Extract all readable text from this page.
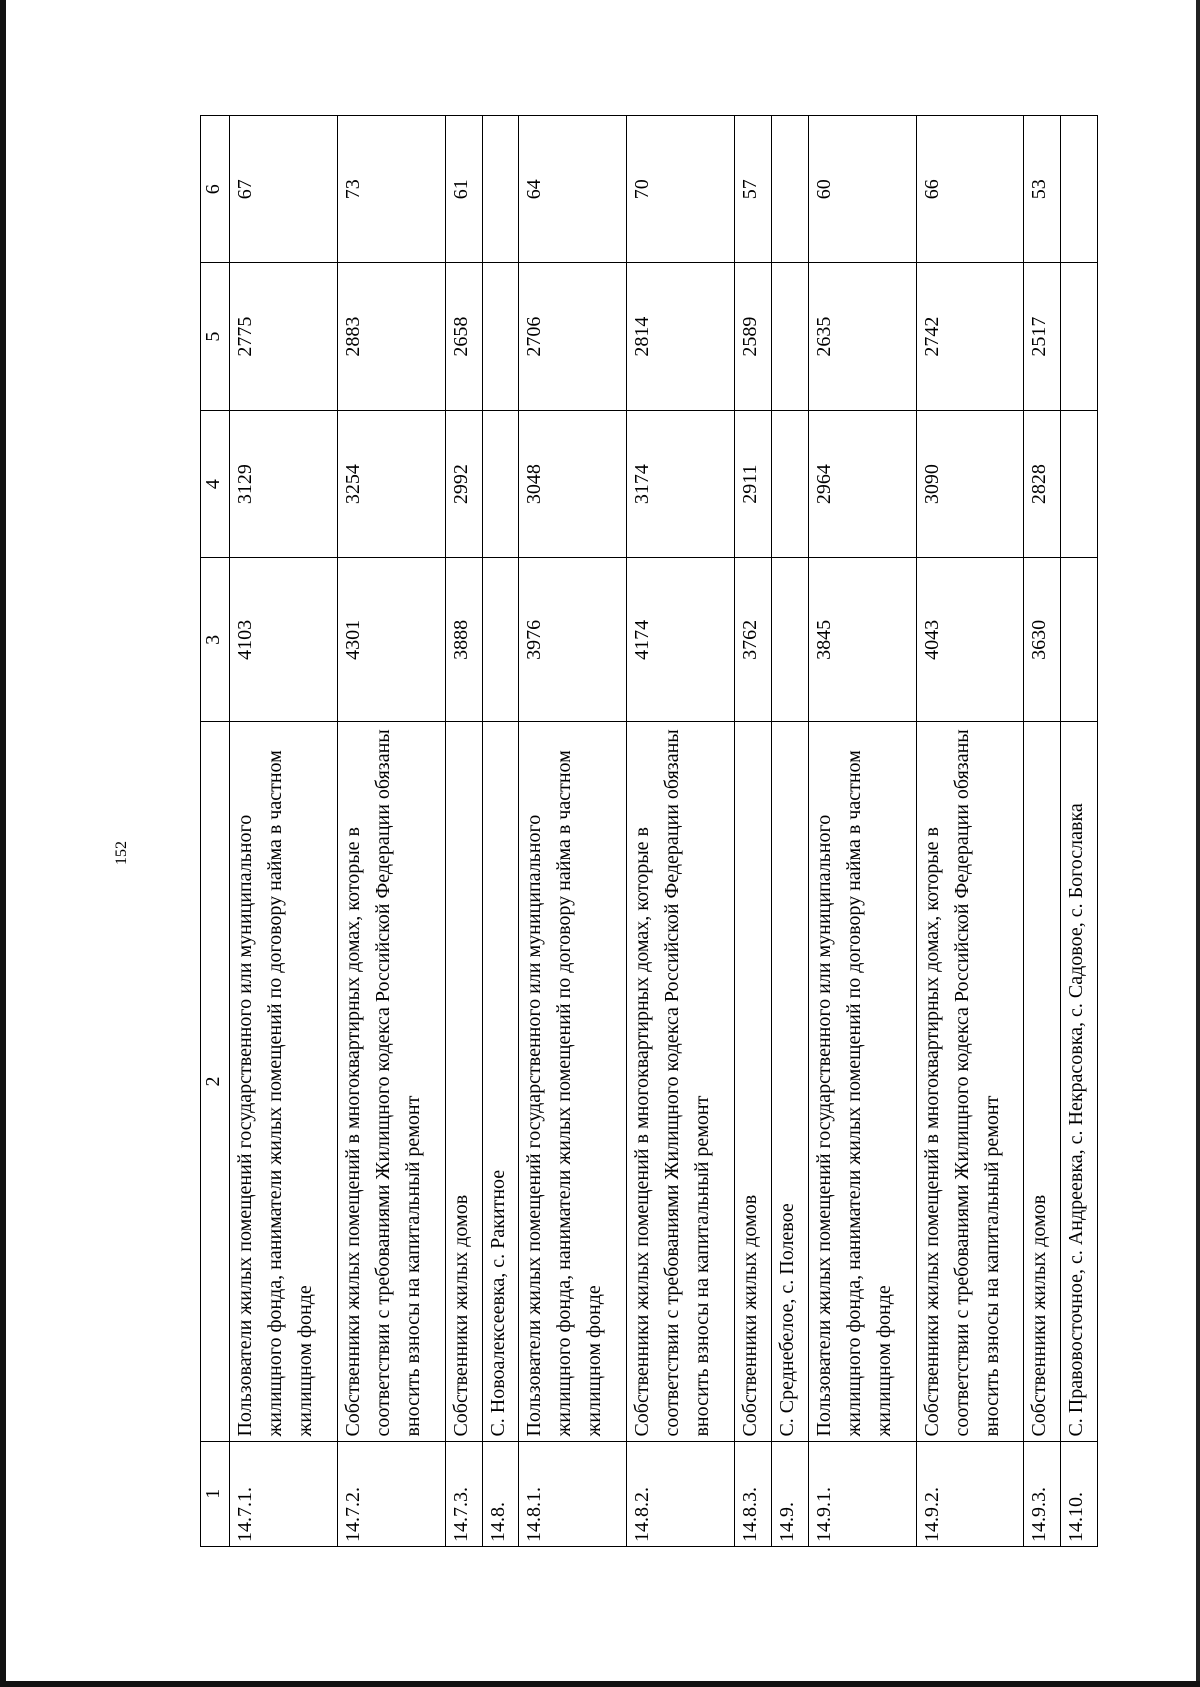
152
1	2	3	4	5	6
14.7.1.	Пользователи жилых помещений государственного или муниципального жилищного фонда, наниматели жилых помещений по договору найма в частном жилищном фонде	4103	3129	2775	67
14.7.2.	Собственники жилых помещений в многоквартирных домах, которые в соответствии с требованиями Жилищного кодекса Российской Федерации обязаны вносить взносы на капитальный ремонт	4301	3254	2883	73
14.7.3.	Собственники жилых домов	3888	2992	2658	61
14.8.	С. Новоалексеевка, с. Ракитное				
14.8.1.	Пользователи жилых помещений государственного или муниципального жилищного фонда, наниматели жилых помещений по договору найма в частном жилищном фонде	3976	3048	2706	64
14.8.2.	Собственники жилых помещений в многоквартирных домах, которые в соответствии с требованиями Жилищного кодекса Российской Федерации обязаны вносить взносы на капитальный ремонт	4174	3174	2814	70
14.8.3.	Собственники жилых домов	3762	2911	2589	57
14.9.	С. Среднебелое, с. Полевое				
14.9.1.	Пользователи жилых помещений государственного или муниципального жилищного фонда, наниматели жилых помещений по договору найма в частном жилищном фонде	3845	2964	2635	60
14.9.2.	Собственники жилых помещений в многоквартирных домах, которые в соответствии с требованиями Жилищного кодекса Российской Федерации обязаны вносить взносы на капитальный ремонт	4043	3090	2742	66
14.9.3.	Собственники жилых домов	3630	2828	2517	53
14.10.	С. Правовосточное, с. Андреевка, с. Некрасовка, с. Садовое, с. Богославка				
